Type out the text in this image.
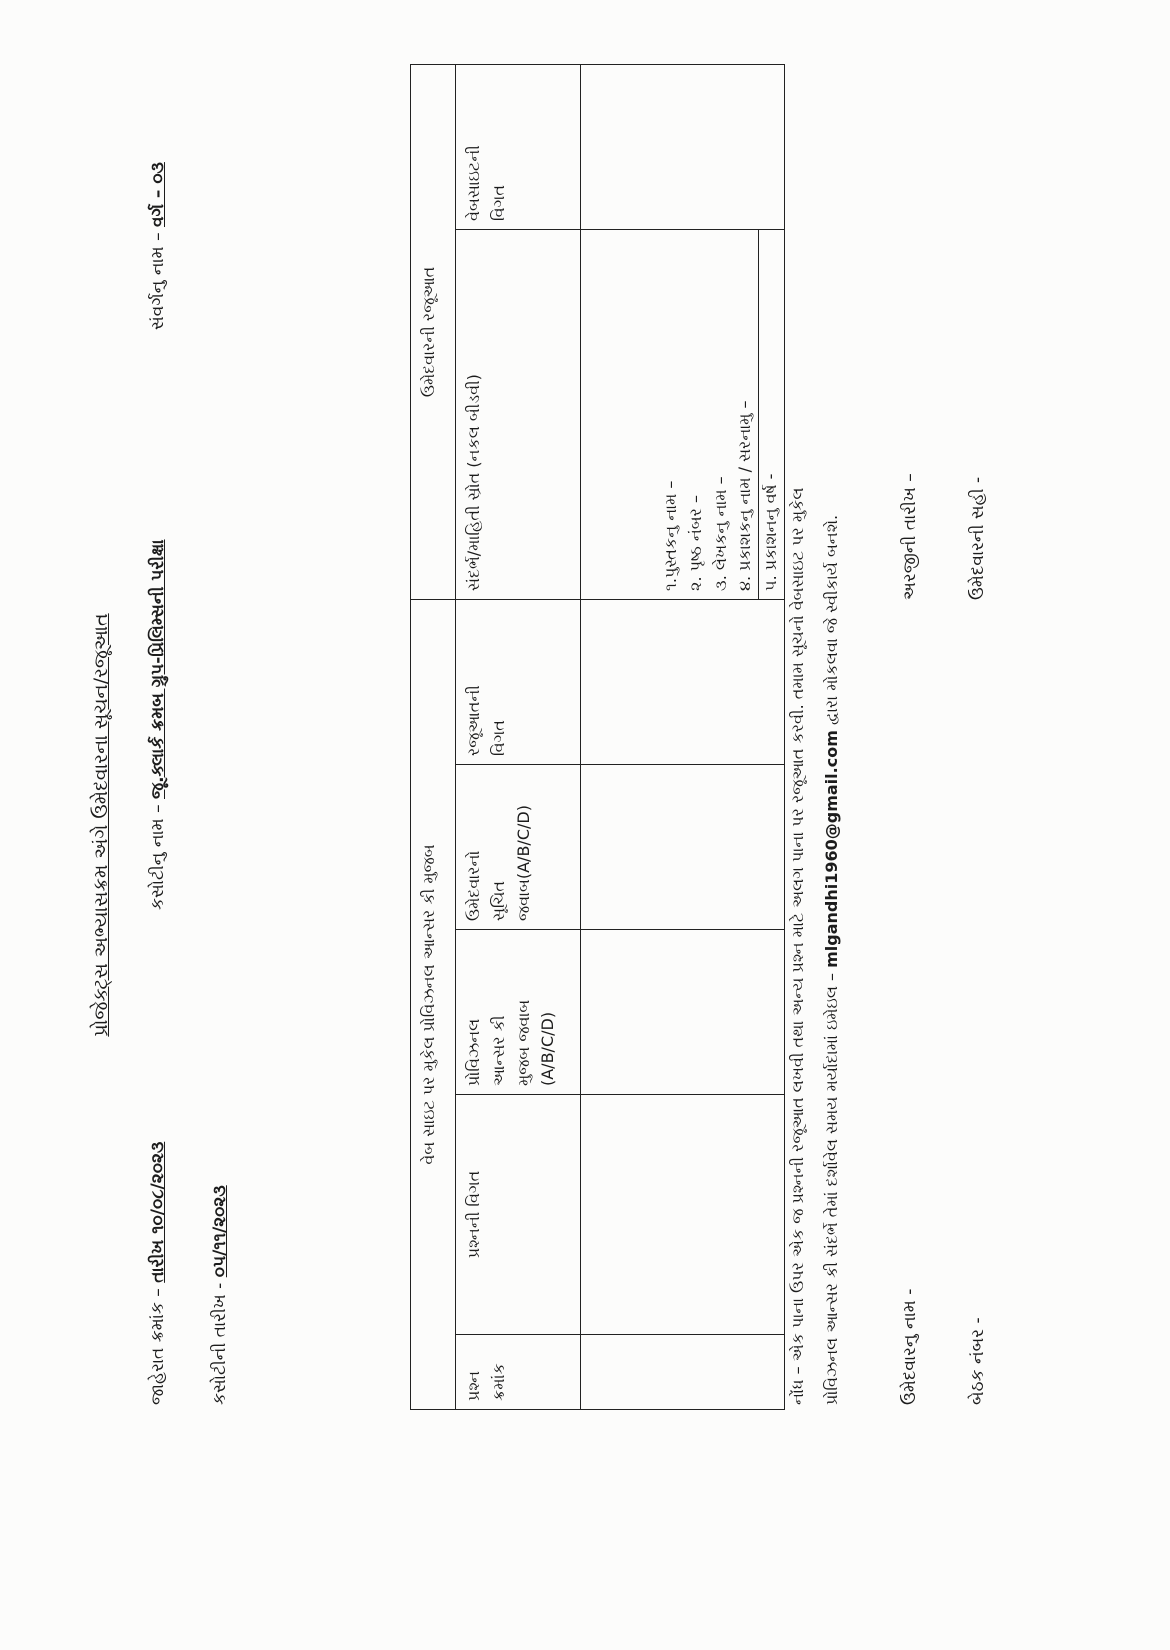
પ્રોજેક્ટ્સ અભ્યાસક્રમ અંગે ઉમેદવારના સૂચન/રજૂઆત
જાહેરાત ક્રમાંક – તારીખ ૧૦/૦૮/૨૦૨૩
કસોટીનુ નામ – જૂ.ક્લાર્ક ક્રમબ ગ્રુપ-પ્રિલિમ્સની પરીક્ષા
સંવર્ગનુ નામ – વર્ગ – ૦૩
કસોટીની તારીખ - ૦૫/૧૧/૨૦૨૩
વેબ સાઇટ પર મુકેલ પ્રોવિઝનલ આન્સર કી મુજબ					ઉમેદવારની રજૂઆત	

પ્રશ્ન ક્રમાંક	પ્રશ્નની વિગત	પ્રોવિઝનલ આન્સર કી મુજબ જવાબ (A/B/C/D)	ઉમેદવારનો સૂચિત જવાબ(A/B/C/D)	રજૂઆતની વિગત	સંદર્ભ/માહિતી સ્રોત (નકલ બીડવી)	વેબસાઇટની વિગત

					૧.પુસ્તકનુ નામ – ૨. પૃષ્ઠ નંબર – ૩. લેખકનુ નામ – ૪. પ્રકાશકનુ નામ / સરનામુ – ૫. પ્રકાશનનુ વર્ષ -	
	નોંધ – એક પાના ઉપર એક જ પ્રશ્નની રજૂઆત લખવી તથા અન્ય પ્રશ્ન માટે અલગ પાના પર રજૂઆત કરવી. તમામ સૂચનો વેબસાઇટ પર મુકેલ પ્રોવિઝનલ આન્સર કી સંદર્ભે તેમાં દર્શાવેલ સમય મર્યાદામાં ઇમેઇલ – mlgandhi1960@gmail.com દ્વારા મોકલવા જે સ્વીકાર્ય બનશે.
ઉમેદવારનુ નામ -
અરજીની તારીખ –
બેઠક નંબર -
ઉમેદવારની સહી -
